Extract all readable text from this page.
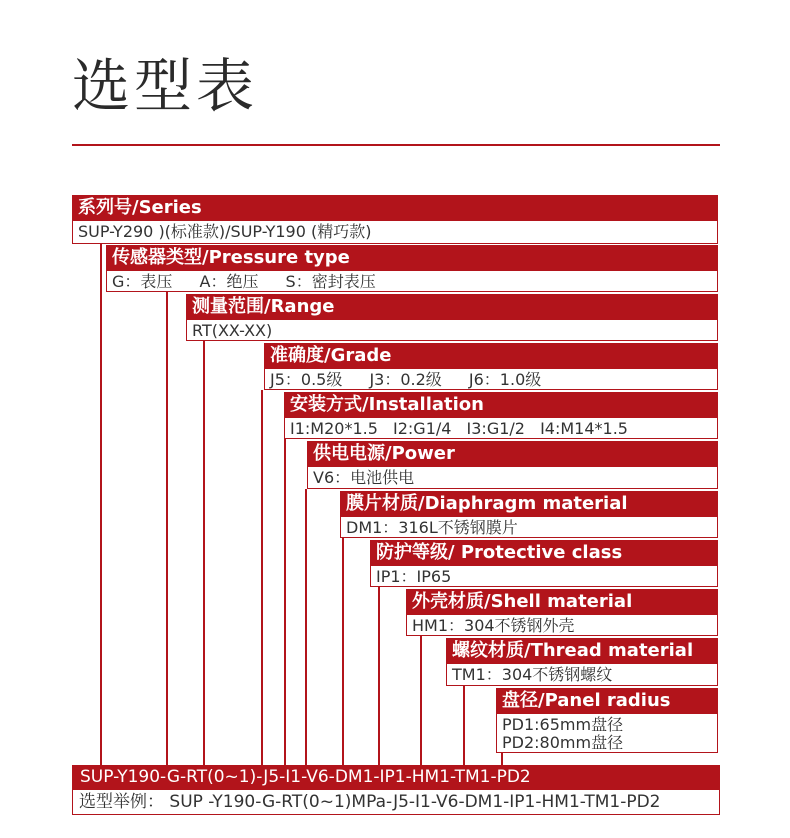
选型表
系列号/Series
SUP-Y290 )(标准款)/SUP-Y190 (精巧款)
传感器类型/Pressure type
G：表压 A：绝压 S：密封表压
测量范围/Range
RT(XX-XX)
准确度/Grade
J5：0.5级 J3：0.2级 J6：1.0级
安装方式/Installation
I1:M20*1.5 I2:G1/4 I3:G1/2 I4:M14*1.5
供电电源/Power
V6：电池供电
膜片材质/Diaphragm material
DM1：316L不锈钢膜片
防护等级/ Protective class
IP1：IP65
外壳材质/Shell material
HM1：304不锈钢外壳
螺纹材质/Thread material
TM1：304不锈钢螺纹
盘径/Panel radius
PD1:65mm盘径
PD2:80mm盘径
SUP-Y190-G-RT(0~1)-J5-I1-V6-DM1-IP1-HM1-TM1-PD2
选型举例： SUP -Y190-G-RT(0~1)MPa-J5-I1-V6-DM1-IP1-HM1-TM1-PD2
